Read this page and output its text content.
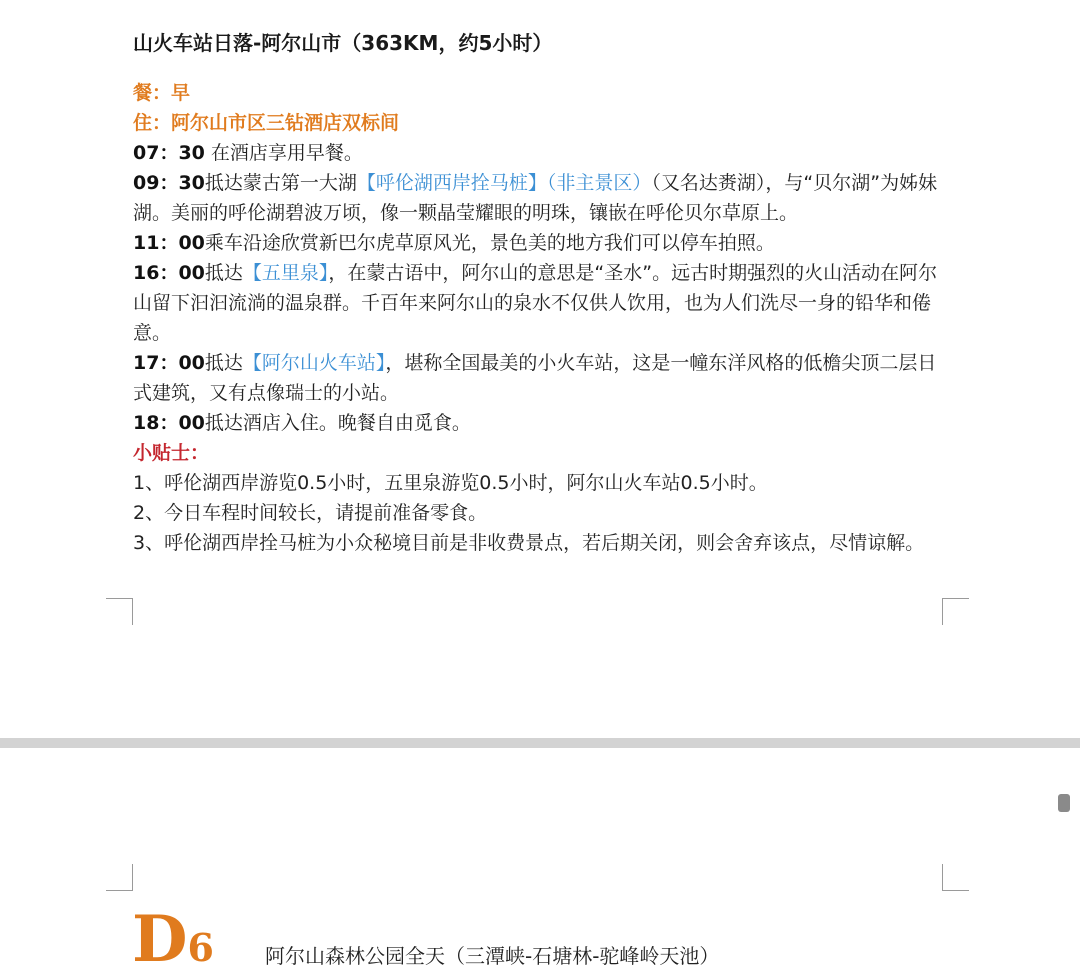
山火车站日落-阿尔山市（363KM，约5小时）

餐：早

住：阿尔山市区三钻酒店双标间

07：30 在酒店享用早餐。

09：30抵达蒙古第一大湖【呼伦湖西岸拴马桩】（非主景区）（又名达赉湖），与“贝尔湖”为姊妹湖。美丽的呼伦湖碧波万顷，像一颗晶莹耀眼的明珠，镶嵌在呼伦贝尔草原上。

11：00乘车沿途欣赏新巴尔虎草原风光，景色美的地方我们可以停车拍照。

16：00抵达【五里泉】，在蒙古语中，阿尔山的意思是“圣水”。远古时期强烈的火山活动在阿尔山留下汩汩流淌的温泉群。千百年来阿尔山的泉水不仅供人饮用，也为人们洗尽一身的铅华和倦意。

17：00抵达【阿尔山火车站】，堪称全国最美的小火车站，这是一幢东洋风格的低檐尖顶二层日式建筑，又有点像瑞士的小站。

18：00抵达酒店入住。晚餐自由觅食。

小贴士：

1、呼伦湖西岸游览0.5小时，五里泉游览0.5小时，阿尔山火车站0.5小时。

2、今日车程时间较长，请提前准备零食。

3、呼伦湖西岸拴马桩为小众秘境目前是非收费景点，若后期关闭，则会舍弃该点，尽情谅解。

D6	阿尔山森林公园全天（三潭峡-石塘林-驼峰岭天池）
